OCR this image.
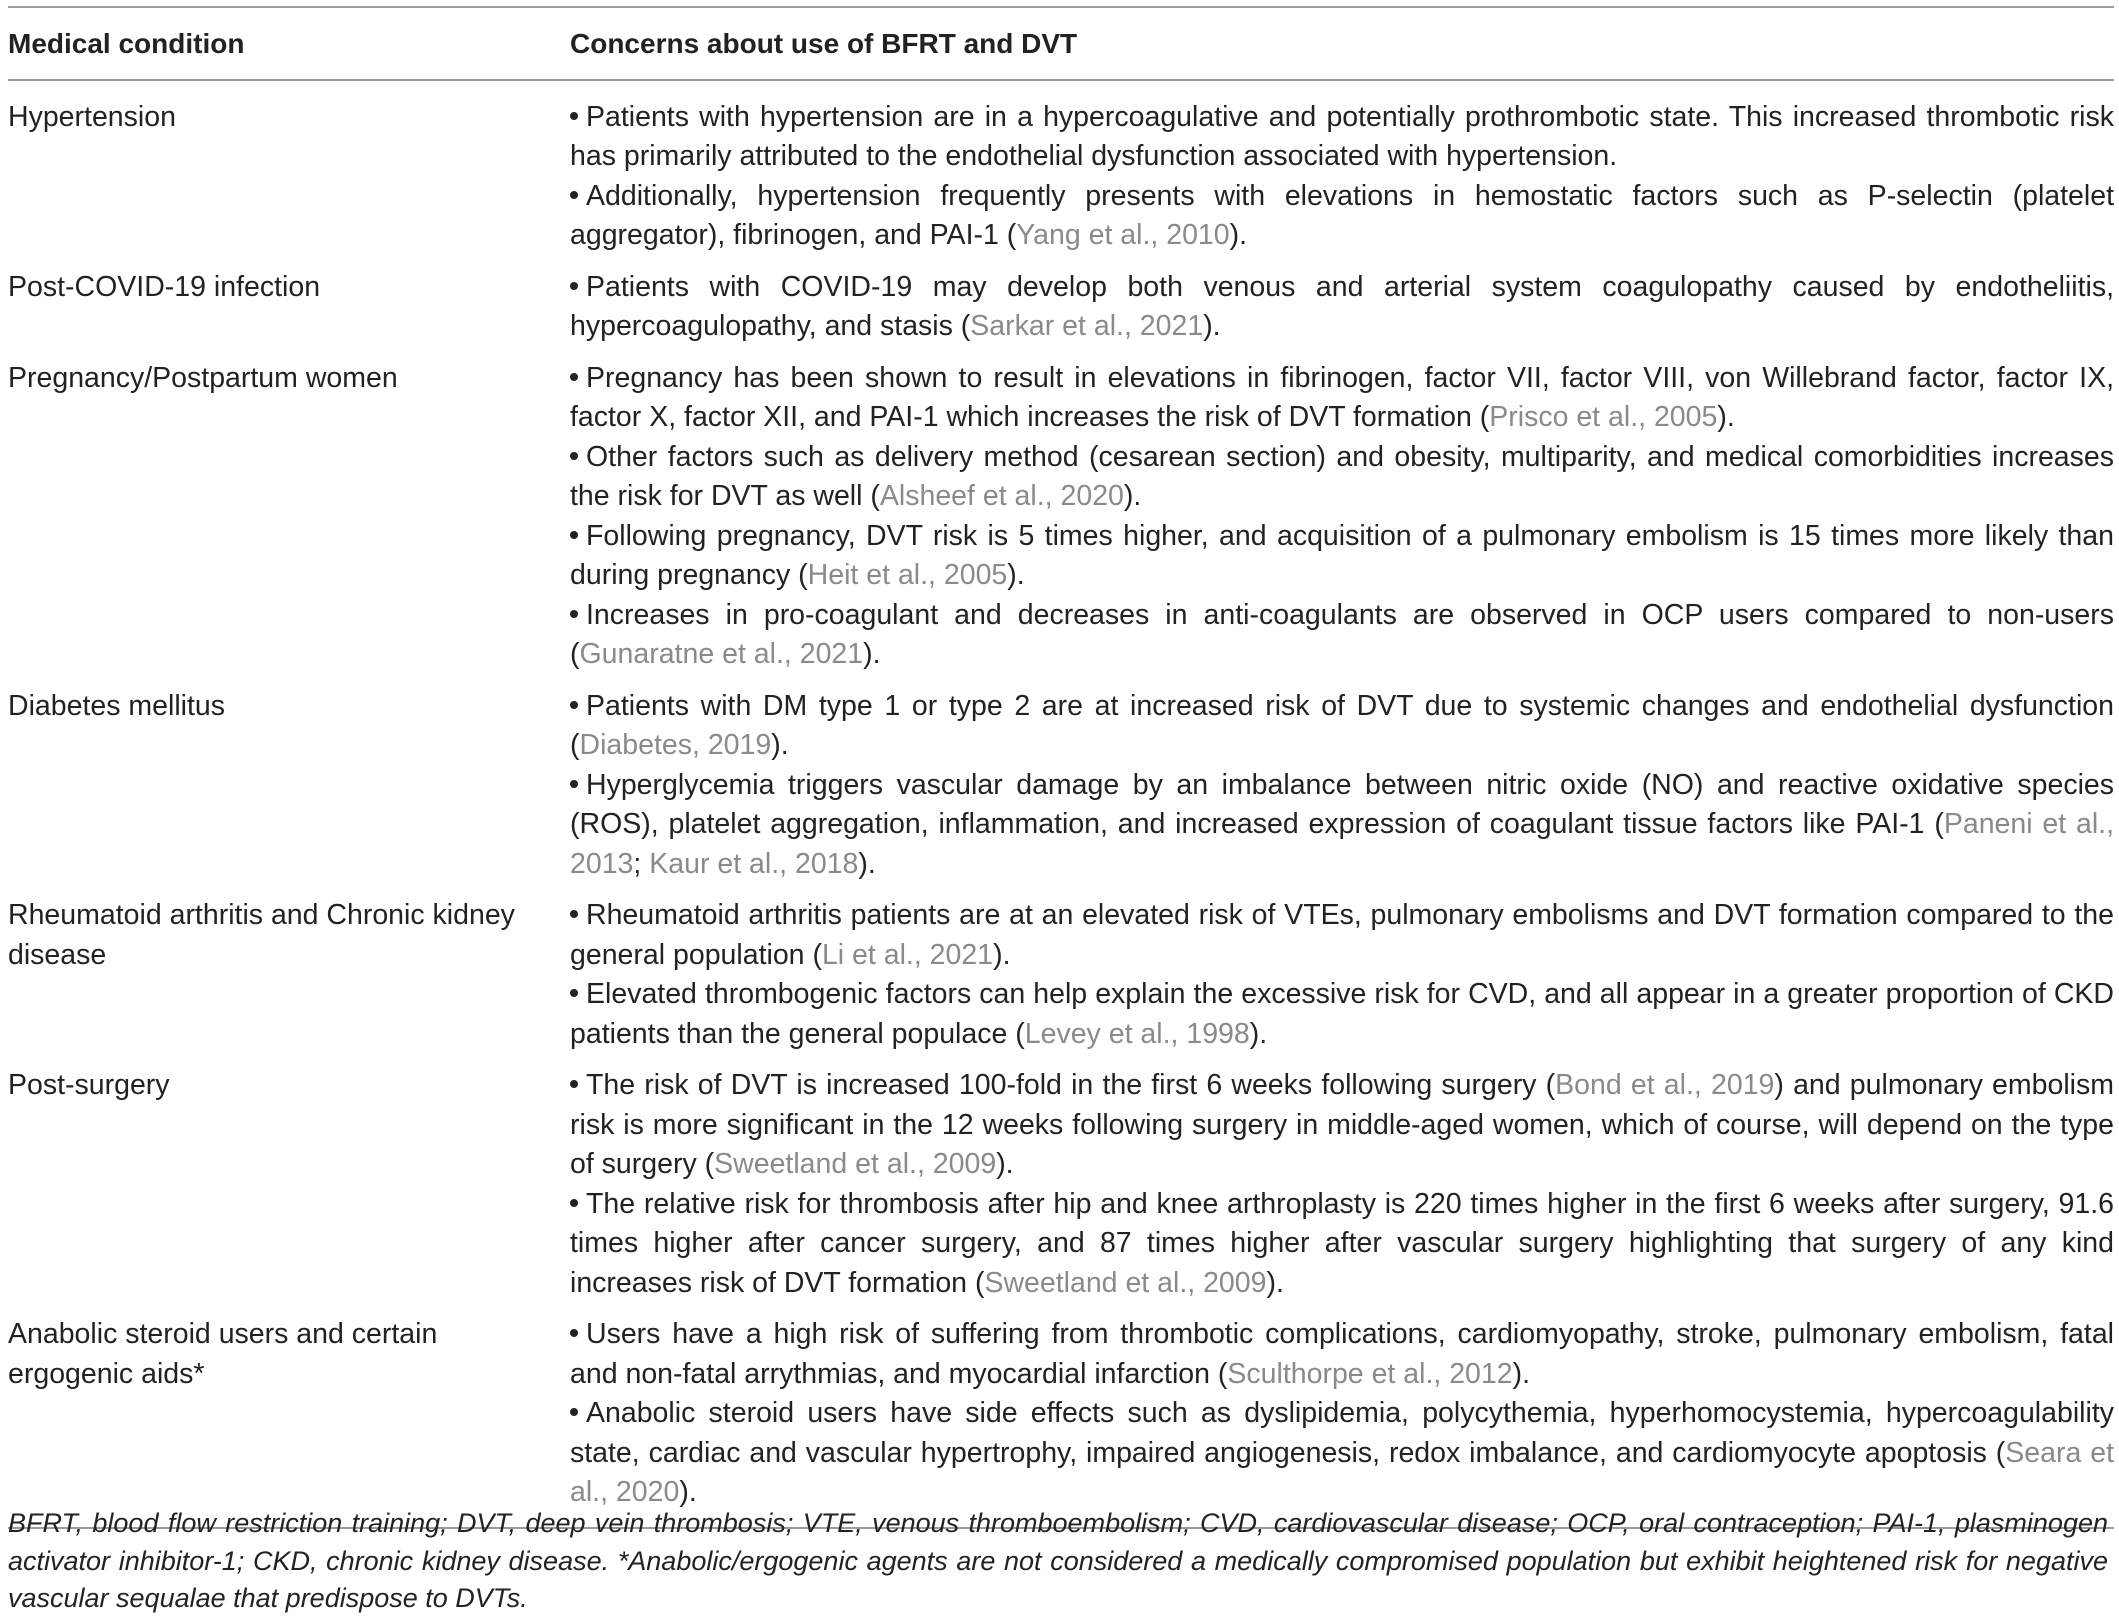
Medical condition	Concerns about use of BFRT and DVT
Hypertension	Patients with hypertension are in a hypercoagulative and potentially prothrombotic state. This increased thrombotic risk has primarily attributed to the endothelial dysfunction associated with hypertension.
Additionally, hypertension frequently presents with elevations in hemostatic factors such as P-selectin (platelet aggregator), fibrinogen, and PAI-1 (Yang et al., 2010).

Post-COVID-19 infection	Patients with COVID-19 may develop both venous and arterial system coagulopathy caused by endotheliitis, hypercoagulopathy, and stasis (Sarkar et al., 2021).

Pregnancy/Postpartum women	Pregnancy has been shown to result in elevations in fibrinogen, factor VII, factor VIII, von Willebrand factor, factor IX, factor X, factor XII, and PAI-1 which increases the risk of DVT formation (Prisco et al., 2005).
Other factors such as delivery method (cesarean section) and obesity, multiparity, and medical comorbidities increases the risk for DVT as well (Alsheef et al., 2020).
Following pregnancy, DVT risk is 5 times higher, and acquisition of a pulmonary embolism is 15 times more likely than during pregnancy (Heit et al., 2005).
Increases in pro-coagulant and decreases in anti-coagulants are observed in OCP users compared to non-users (Gunaratne et al., 2021).

Diabetes mellitus	Patients with DM type 1 or type 2 are at increased risk of DVT due to systemic changes and endothelial dysfunction (Diabetes, 2019).
Hyperglycemia triggers vascular damage by an imbalance between nitric oxide (NO) and reactive oxidative species (ROS), platelet aggregation, inflammation, and increased expression of coagulant tissue factors like PAI-1 (Paneni et al., 2013; Kaur et al., 2018).

Rheumatoid arthritis and Chronic kidney disease	Rheumatoid arthritis patients are at an elevated risk of VTEs, pulmonary embolisms and DVT formation compared to the general population (Li et al., 2021).
Elevated thrombogenic factors can help explain the excessive risk for CVD, and all appear in a greater proportion of CKD patients than the general populace (Levey et al., 1998).

Post-surgery	The risk of DVT is increased 100-fold in the first 6 weeks following surgery (Bond et al., 2019) and pulmonary embolism risk is more significant in the 12 weeks following surgery in middle-aged women, which of course, will depend on the type of surgery (Sweetland et al., 2009).
The relative risk for thrombosis after hip and knee arthroplasty is 220 times higher in the first 6 weeks after surgery, 91.6 times higher after cancer surgery, and 87 times higher after vascular surgery highlighting that surgery of any kind increases risk of DVT formation (Sweetland et al., 2009).

Anabolic steroid users and certain ergogenic aids*	Users have a high risk of suffering from thrombotic complications, cardiomyopathy, stroke, pulmonary embolism, fatal and non-fatal arrythmias, and myocardial infarction (Sculthorpe et al., 2012).
Anabolic steroid users have side effects such as dyslipidemia, polycythemia, hyperhomocystemia, hypercoagulability state, cardiac and vascular hypertrophy, impaired angiogenesis, redox imbalance, and cardiomyocyte apoptosis (Seara et al., 2020).
BFRT, blood flow restriction training; DVT, deep vein thrombosis; VTE, venous thromboembolism; CVD, cardiovascular disease; OCP, oral contraception; PAI-1, plasminogen activator inhibitor-1; CKD, chronic kidney disease. *Anabolic/ergogenic agents are not considered a medically compromised population but exhibit heightened risk for negative vascular sequalae that predispose to DVTs.
